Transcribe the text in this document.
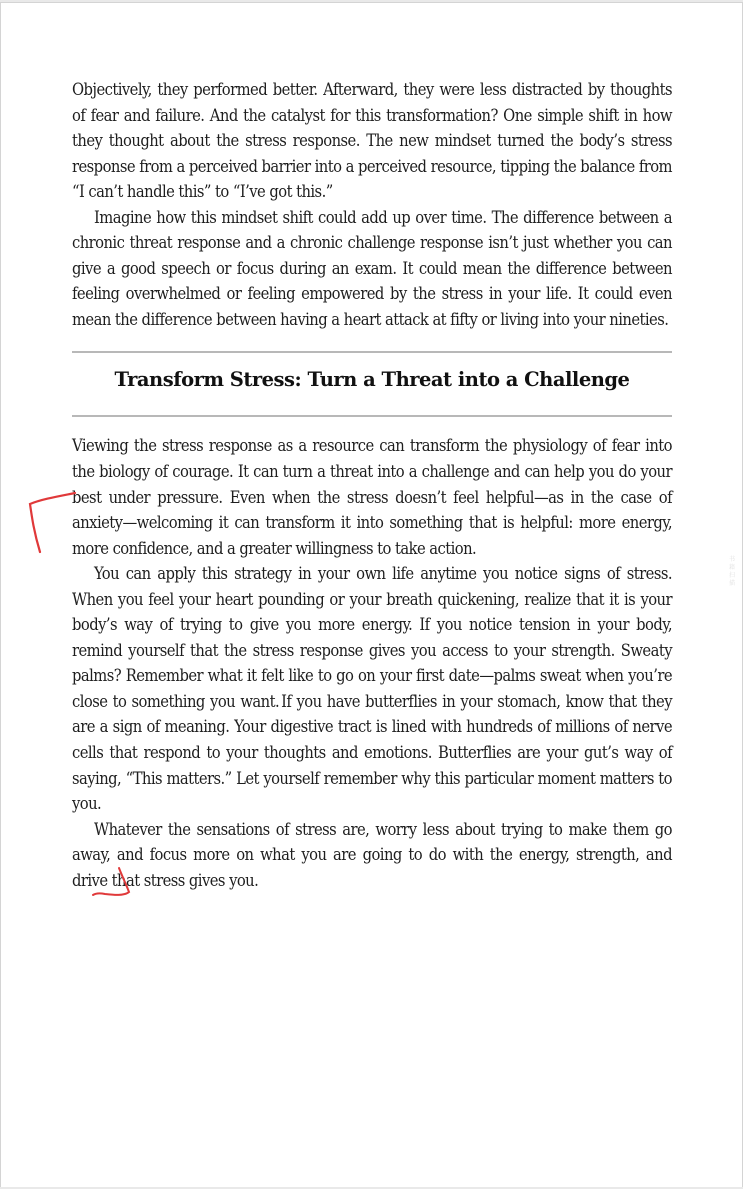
Objectively, they performed better. Afterward, they were less distracted by thoughts of fear and failure. And the catalyst for this transformation? One simple shift in how they thought about the stress response. The new mindset turned the body’s stress response from a perceived barrier into a perceived resource, tipping the balance from “I can’t handle this” to “I’ve got this.”

Imagine how this mindset shift could add up over time. The difference between a chronic threat response and a chronic challenge response isn’t just whether you can give a good speech or focus during an exam. It could mean the difference between feeling overwhelmed or feeling empowered by the stress in your life. It could even mean the difference between having a heart attack at fifty or living into your nineties.

Transform Stress: Turn a Threat into a Challenge

Viewing the stress response as a resource can transform the physiology of fear into the biology of courage. It can turn a threat into a challenge and can help you do your best under pressure. Even when the stress doesn’t feel helpful—as in the case of anxiety—welcoming it can transform it into something that is helpful: more energy, more confidence, and a greater willingness to take action.

You can apply this strategy in your own life anytime you notice signs of stress. When you feel your heart pounding or your breath quickening, realize that it is your body’s way of trying to give you more energy. If you notice tension in your body, remind yourself that the stress response gives you access to your strength. Sweaty palms? Remember what it felt like to go on your first date—palms sweat when you’re close to something you want. If you have butterflies in your stomach, know that they are a sign of meaning. Your digestive tract is lined with hundreds of millions of nerve cells that respond to your thoughts and emotions. Butterflies are your gut’s way of saying, “This matters.” Let yourself remember why this particular moment matters to you.

Whatever the sensations of stress are, worry less about trying to make them go away, and focus more on what you are going to do with the energy, strength, and drive that stress gives you.

书 籍 扫 描
